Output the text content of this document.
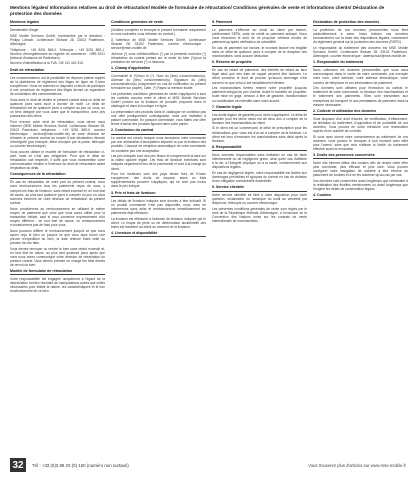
Mentions légales/ Informations relatives au droit de rétractation/ Modèle de formulaire de rétractation/ Conditions générales de vente et informations clients/ Déclaration de protection des données
Mentions légales

Dienstleister Sieger

MSE Mobile Services GmbH, représentée par le directeur : Philipp Löbach. Lichtenauer Strasse 28, 33102 Paderborn, Allemagne.

Téléphone : +49 5251 869-0. Télécopie : +49 5251 869-1. Numéro d'enregistrement au registre du commerce : HRB 5221 (tribunal d'instance de Paderborn).

Numéro d'identification à la TVA : DE 211 442 315.

Droit de rétractation

Les consommateurs ont la possibilité de déposer plainte auprès de la plateforme de règlement des litiges en ligne de l'Union européenne. Nous ne sommes ni disposés ni tenus de participer à une procédure de règlement des litiges devant un organisme de conciliation des consommateurs.

Vous avez le droit de résilier le présent contrat dans un délai de quatorze jours sans avoir à donner de motif. Le délai de rétractation est de quatorze jours à compter du jour où vous, ou un tiers désigné par vous autre que le transporteur, avez pris possession des biens.

Pour exercer votre droit de rétractation, vous devez nous informer (MSE Mobile Services GmbH, Lichtenauer Strasse 28, 33102 Paderborn, téléphone : +49 5251 869-0, courrier électronique : service@mse-mobile.de) de votre décision de rétracter le présent contrat au moyen d'une déclaration dénuée d'ambiguïté (par exemple, lettre envoyée par la poste, télécopie ou courrier électronique).

Vous pouvez utiliser le modèle de formulaire de rétractation ci-joint, mais ce n'est pas obligatoire. Pour que le délai de rétractation soit respecté, il suffit que vous transmettiez votre communication relative à l'exercice du droit de rétractation avant l'expiration du délai.

Conséquences de la rétractation

En cas de rétractation de votre part du présent contrat, nous vous rembourserons tous les paiements reçus de vous, y compris les frais de livraison, sans retard excessif et, en tout état de cause, au plus tard quatorze jours à compter du jour où nous sommes informés de votre décision de rétractation du présent contrat.

Nous procéderons au remboursement en utilisant le même moyen de paiement que celui que vous aurez utilisé pour la transaction initiale, sauf si vous convenez expressément d'un moyen différent ; en tout état de cause, ce remboursement n'occasionnera pas de frais pour vous.

Nous pouvons différer le remboursement jusqu'à ce que nous ayons reçu le bien ou jusqu'à ce que vous ayez fourni une preuve d'expédition du bien, la date retenue étant celle du premier de ces faits.

Vous devrez renvoyer ou rendre le bien sans retard excessif et, en tout état de cause, au plus tard quatorze jours après que vous nous aurez communiqué votre décision de rétractation du présent contrat. Vous devrez prendre en charge les frais directs de renvoi du bien.

Modèle de formulaire de rétractation

Votre responsabilité est engagée uniquement à l'égard de la dépréciation du bien résultant de manipulations autres que celles nécessaires pour établir la nature, les caractéristiques et le bon fonctionnement de ce bien.

Conditions générales de vente

(Veuillez compléter et renvoyer le présent formulaire uniquement si vous souhaitez vous rétracter du contrat.)

À l'attention de MSE Mobile Services GmbH, Lichtenauer Strasse 28, 33102 Paderborn, courrier électronique : service@mse-mobile.de

Je/nous (*) vous notifie/notifions (*) par la présente ma/notre (*) rétractation du contrat portant sur la vente du bien (*)/pour la prestation de services (*) ci-dessous.

1. Champ d'application

Commandé le (*)/reçu le (*). Nom du (des) consommateur(s). Adresse du (des) consommateur(s). Signature du (des) consommateur(s) (uniquement en cas de notification du présent formulaire sur papier). Date. (*) Rayez la mention inutile.

Les présentes conditions générales de vente s'appliquent à tous les contrats conclus entre le client et MSE Mobile Services GmbH portant sur la livraison de produits proposés dans le catalogue et dans la boutique en ligne.

La présentation des produits dans le catalogue ne constitue pas une offre juridiquement contraignante, mais une invitation à passer commande. En passant commande, vous faites une offre ferme d'achat des produits figurant dans votre panier.

2. Conclusion du contrat

Le contrat est conclu lorsque nous acceptons votre commande par une déclaration d'acceptation séparée ou par la livraison des produits. L'accusé de réception automatique de votre commande ne constitue pas une acceptation.

Les prix indiqués sont des prix finaux et comprennent la taxe sur la valeur ajoutée légale. Les frais de livraison éventuels sont indiqués séparément lors de la commande et sont à la charge du client.

Pour les livraisons vers des pays situés hors de l'Union européenne, des droits de douane, taxes ou frais supplémentaires peuvent s'appliquer, qui ne sont pas inclus dans le prix indiqué.

3. Prix et frais de livraison

Les délais de livraison indiqués sont donnés à titre indicatif. Si un produit commandé n'est pas disponible, nous vous en informerons sans délai et rembourserons immédiatement les paiements déjà effectués.

La livraison est effectuée à l'adresse de livraison indiquée par le client. Le risque de perte ou de détérioration accidentelle des biens est transféré au client au moment de la livraison.

4. Livraison et disponibilité
5. Paiement

Le paiement s'effectue au choix du client par facture, prélèvement SEPA, carte de crédit ou paiement anticipé. Nous nous réservons le droit de ne proposer certains modes de paiement qu'après vérification de solvabilité.

En cas de paiement sur facture, le montant facturé est exigible dans un délai de quatorze jours à compter de la réception des marchandises, sans aucune déduction.

6. Réserve de propriété

En cas de retard de paiement, des intérêts de retard au taux légal ainsi que des frais de rappel peuvent être facturés. Le client conserve le droit de prouver qu'aucun dommage n'est survenu ou que celui-ci est sensiblement inférieur.

Les marchandises livrées restent notre propriété jusqu'au paiement intégral du prix d'achat. Avant le transfert de propriété, toute mise en gage, cession à titre de garantie, transformation ou modification est interdite sans notre accord.

7. Garantie légale

Les droits légaux de garantie pour vices s'appliquent. Le délai de garantie pour les biens neufs est de deux ans à compter de la livraison des marchandises au client.

Si le client est un commerçant, le délai de prescription pour les réclamations pour vices est d'un an à compter de la livraison. Le client est tenu d'examiner les marchandises sans délai après la livraison.

8. Responsabilité

Nous sommes responsables sans limitation en cas de faute intentionnelle ou de négligence grave, ainsi qu'en cas d'atteinte à la vie, à l'intégrité physique ou à la santé, conformément aux dispositions légales.

En cas de négligence légère, notre responsabilité est limitée aux dommages prévisibles et typiques du contrat en cas de violation d'une obligation contractuelle essentielle.

9. Service clientèle

Notre service clientèle se tient à votre disposition pour toute question, réclamation ou remarque du lundi au vendredi par téléphone, télécopie ou courrier électronique.

Les présentes conditions générales de vente sont régies par le droit de la République fédérale d'Allemagne, à l'exclusion de la Convention des Nations unies sur les contrats de vente internationale de marchandises.

Déclaration de protection des données

La protection de vos données personnelles nous tient particulièrement à cœur. Nous traitons vos données exclusivement sur la base des dispositions légales, notamment du règlement général sur la protection des données (RGPD).

Le responsable du traitement des données est MSE Mobile Services GmbH, Lichtenauer Strasse 28, 33102 Paderborn, Allemagne, courrier électronique : datenschutz@mse-mobile.de

1. Responsable du traitement

Nous collectons les données personnelles que vous nous communiquez dans le cadre de votre commande, par exemple votre nom, votre adresse, votre adresse électronique, votre numéro de téléphone et vos informations de paiement.

Ces données sont utilisées pour l'exécution du contrat, le traitement de votre commande, la livraison des marchandises et le traitement des paiements. Elles sont transmises aux entreprises de transport et aux prestataires de paiement dans la mesure nécessaire.

2. Collecte et utilisation des données

Vous disposez d'un droit d'accès, de rectification, d'effacement, de limitation du traitement, d'opposition et de portabilité de vos données. Vous pouvez en outre introduire une réclamation auprès d'une autorité de contrôle.

Si vous avez donné votre consentement au traitement de vos données, vous pouvez le révoquer à tout moment avec effet pour l'avenir, sans que cela n'affecte la licéité du traitement effectué avant la révocation.

3. Droits des personnes concernées

Notre site internet utilise des cookies afin de rendre notre offre plus conviviale, plus efficace et plus sûre. Vous pouvez configurer votre navigateur de manière à être informé du placement de cookies et à ne les autoriser qu'au cas par cas.

Vos données sont conservées aussi longtemps que nécessaire à la réalisation des finalités mentionnées ou aussi longtemps que l'exigent les délais de conservation légaux.

4. Cookies
32	Tél : +33 (0)3 88 20 (0) 150 (numéro non surtaxé)	Vous trouverez plus d'articles sur www.mse-mobile.fr
